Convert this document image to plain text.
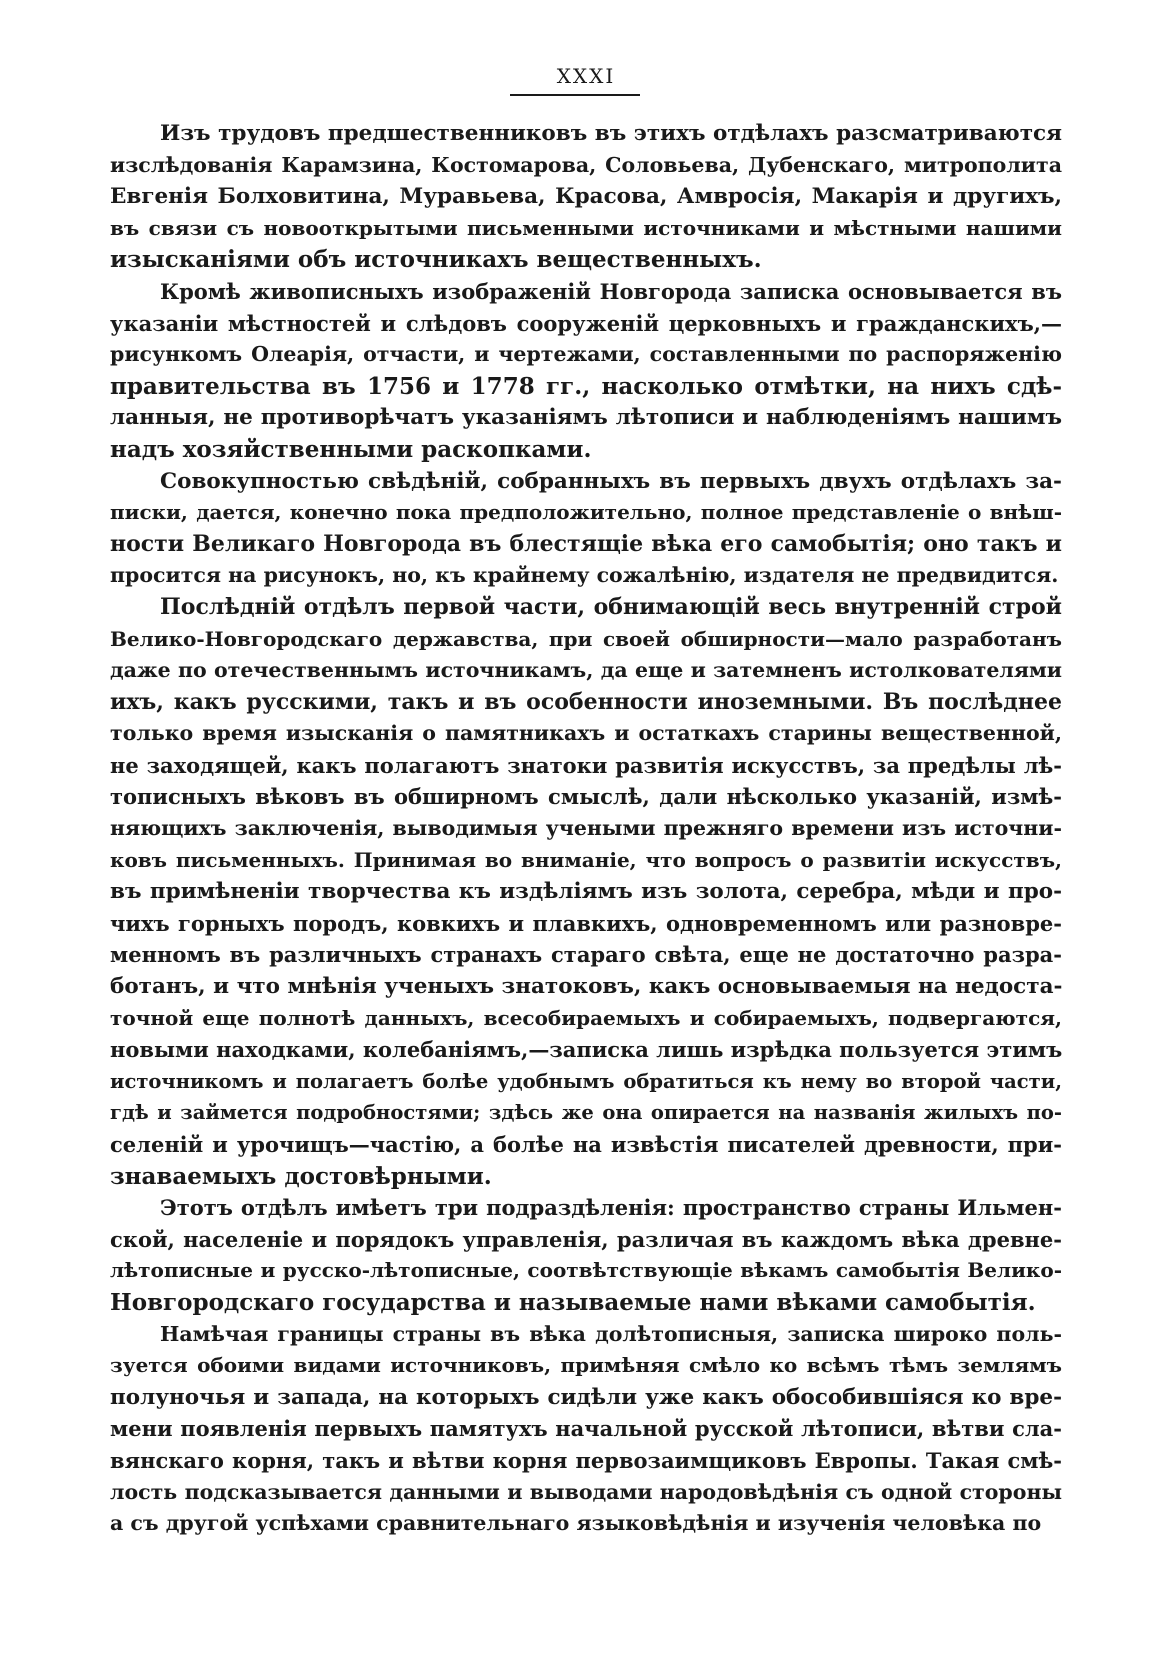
XXXI
Изъ трудовъ предшественниковъ въ этихъ отдѣлахъ разсматриваются
изслѣдованія Карамзина, Костомарова, Соловьева, Дубенскаго, митрополита
Евгенія Болховитина, Муравьева, Красова, Амвросія, Макарія и другихъ,
въ связи съ новооткрытыми письменными источниками и мѣстными нашими
изысканіями объ источникахъ вещественныхъ.
Кромѣ живописныхъ изображеній Новгорода записка основывается въ
указаніи мѣстностей и слѣдовъ сооруженій церковныхъ и гражданскихъ,—
рисункомъ Олеарія, отчасти, и чертежами, составленными по распоряженію
правительства въ 1756 и 1778 гг., насколько отмѣтки, на нихъ сдѣ-
ланныя, не противорѣчатъ указаніямъ лѣтописи и наблюденіямъ нашимъ
надъ хозяйственными раскопками.
Совокупностью свѣдѣній, собранныхъ въ первыхъ двухъ отдѣлахъ за-
писки, дается, конечно пока предположительно, полное представленіе о внѣш-
ности Великаго Новгорода въ блестящіе вѣка его самобытія; оно такъ и
просится на рисунокъ, но, къ крайнему сожалѣнію, издателя не предвидится.
Послѣдній отдѣлъ первой части, обнимающій весь внутренній строй
Велико-Новгородскаго державства, при своей обширности—мало разработанъ
даже по отечественнымъ источникамъ, да еще и затемненъ истолкователями
ихъ, какъ русскими, такъ и въ особенности иноземными. Въ послѣднее
только время изысканія о памятникахъ и остаткахъ старины вещественной,
не заходящей, какъ полагаютъ знатоки развитія искусствъ, за предѣлы лѣ-
тописныхъ вѣковъ въ обширномъ смыслѣ, дали нѣсколько указаній, измѣ-
няющихъ заключенія, выводимыя учеными прежняго времени изъ источни-
ковъ письменныхъ. Принимая во вниманіе, что вопросъ о развитіи искусствъ,
въ примѣненіи творчества къ издѣліямъ изъ золота, серебра, мѣди и про-
чихъ горныхъ породъ, ковкихъ и плавкихъ, одновременномъ или разновре-
менномъ въ различныхъ странахъ стараго свѣта, еще не достаточно разра-
ботанъ, и что мнѣнія ученыхъ знатоковъ, какъ основываемыя на недоста-
точной еще полнотѣ данныхъ, всесобираемыхъ и собираемыхъ, подвергаются,
новыми находками, колебаніямъ,—записка лишь изрѣдка пользуется этимъ
источникомъ и полагаетъ болѣе удобнымъ обратиться къ нему во второй части,
гдѣ и займется подробностями; здѣсь же она опирается на названія жилыхъ по-
селеній и урочищъ—частію, а болѣе на извѣстія писателей древности, при-
знаваемыхъ достовѣрными.
Этотъ отдѣлъ имѣетъ три подраздѣленія: пространство страны Ильмен-
ской, населеніе и порядокъ управленія, различая въ каждомъ вѣка древне-
лѣтописные и русско-лѣтописные, соотвѣтствующіе вѣкамъ самобытія Велико-
Новгородскаго государства и называемые нами вѣками самобытія.
Намѣчая границы страны въ вѣка долѣтописныя, записка широко поль-
зуется обоими видами источниковъ, примѣняя смѣло ко всѣмъ тѣмъ землямъ
полуночья и запада, на которыхъ сидѣли уже какъ обособившіяся ко вре-
мени появленія первыхъ памятухъ начальной русской лѣтописи, вѣтви сла-
вянскаго корня, такъ и вѣтви корня первозаимщиковъ Европы. Такая смѣ-
лость подсказывается данными и выводами народовѣдѣнія съ одной стороны
а съ другой успѣхами сравнительнаго языковѣдѣнія и изученія человѣка по
